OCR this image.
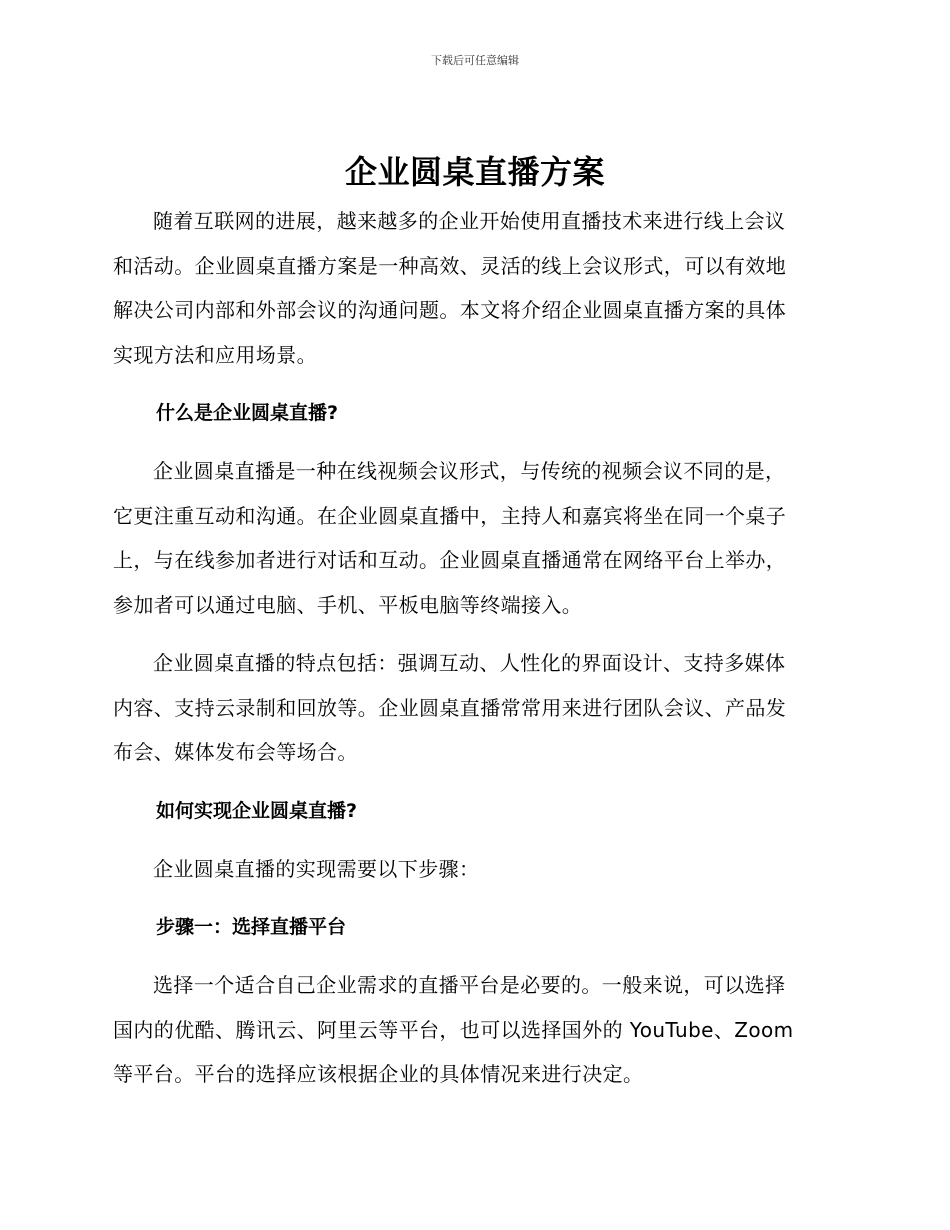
下载后可任意编辑
企业圆桌直播方案

随着互联网的进展，越来越多的企业开始使用直播技术来进行线上会议
和活动。企业圆桌直播方案是一种高效、灵活的线上会议形式，可以有效地
解决公司内部和外部会议的沟通问题。本文将介绍企业圆桌直播方案的具体
实现方法和应用场景。

什么是企业圆桌直播?

企业圆桌直播是一种在线视频会议形式，与传统的视频会议不同的是，
它更注重互动和沟通。在企业圆桌直播中，主持人和嘉宾将坐在同一个桌子
上，与在线参加者进行对话和互动。企业圆桌直播通常在网络平台上举办，
参加者可以通过电脑、手机、平板电脑等终端接入。

企业圆桌直播的特点包括：强调互动、人性化的界面设计、支持多媒体
内容、支持云录制和回放等。企业圆桌直播常常用来进行团队会议、产品发
布会、媒体发布会等场合。

如何实现企业圆桌直播?

企业圆桌直播的实现需要以下步骤：

步骤一：选择直播平台

选择一个适合自己企业需求的直播平台是必要的。一般来说，可以选择
国内的优酷、腾讯云、阿里云等平台，也可以选择国外的 YouTube、Zoom
等平台。平台的选择应该根据企业的具体情况来进行决定。
